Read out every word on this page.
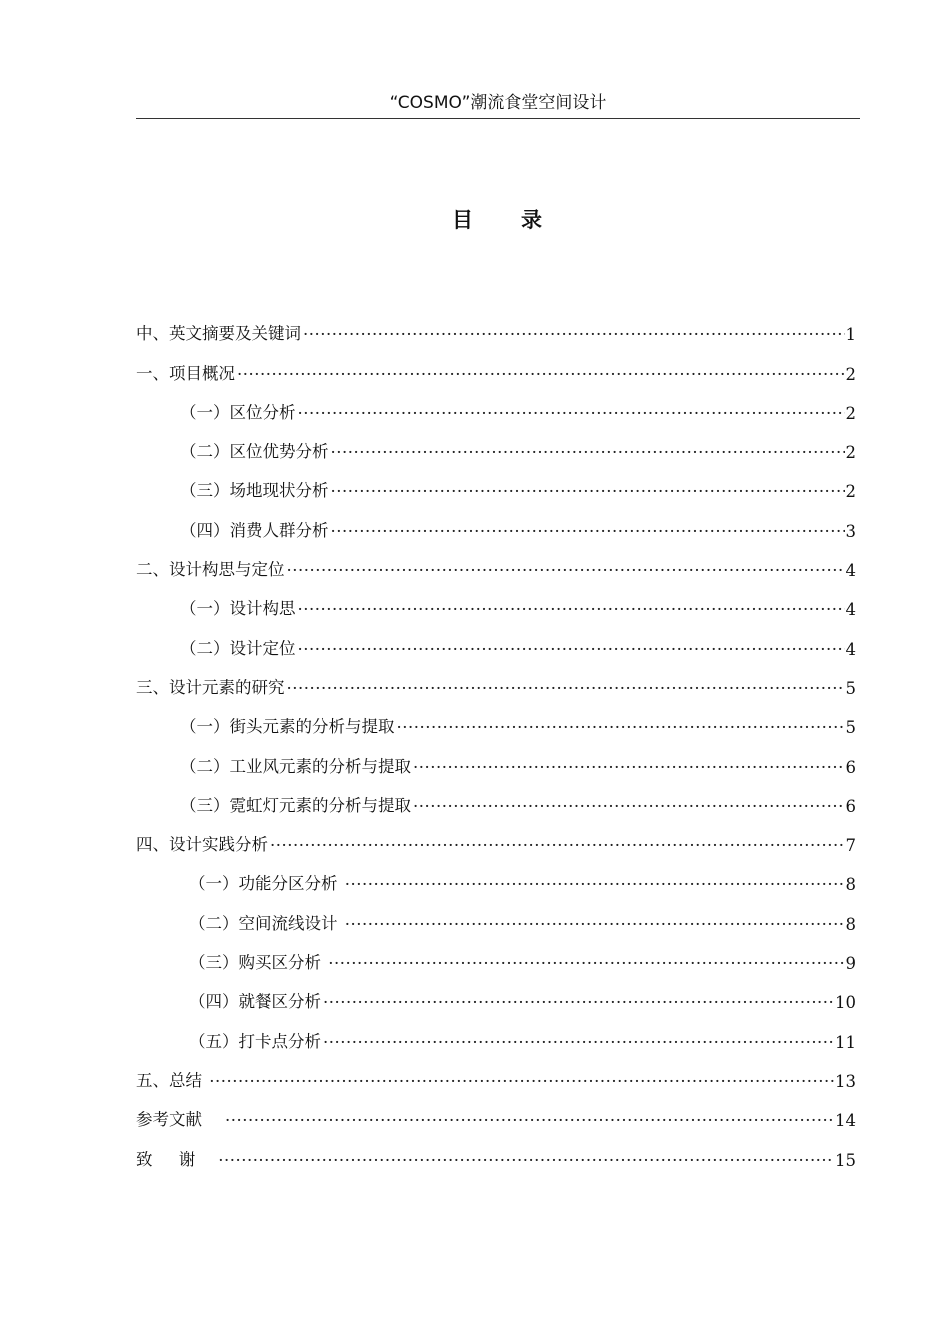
“COSMO”潮流食堂空间设计
目 录
中、英文摘要及关键词 ·····	1
一、项目概况 ·····	2
（一）区位分析 ·····	2
（二）区位优势分析 ·····	2
（三）场地现状分析 ·····	2
（四）消费人群分析 ·····	3
二、设计构思与定位 ·····	4
（一）设计构思 ·····	4
（二）设计定位 ·····	4
三、设计元素的研究 ·····	5
（一）街头元素的分析与提取 ·····	5
（二）工业风元素的分析与提取 ·····	6
（三）霓虹灯元素的分析与提取 ·····	6
四、设计实践分析 ·····	7
（一）功能分区分析 ·····	8
（二）空间流线设计 ·····	8
（三）购买区分析 ·····	9
（四）就餐区分析 ·····	10
（五）打卡点分析 ·····	11
五、总结 ·····	13
参考文献 ·····	14
致     谢 ·····	15
